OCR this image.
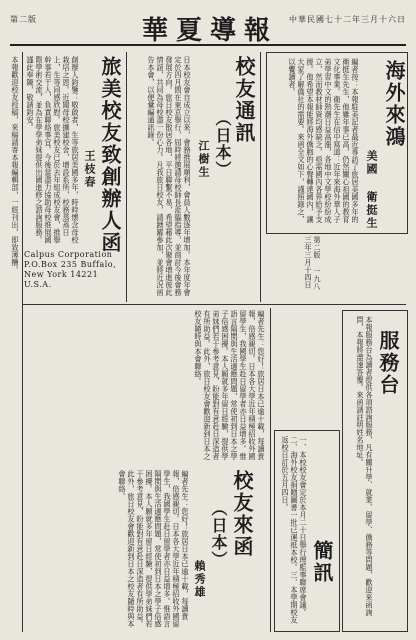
第二版	華夏導報	中華民國七十二年三月十六日
海外來鴻
美國 衛挺生
編者按：本報駐美記者最近專訪了旅居美國多年的衛挺生先生，他雖年事已高，仍然關心祖國的教育文化事業。衛先生在信中寫道：近年來海外華人子弟學習中文的熱潮日益高漲，各地中文學校紛紛成立，然而教材師資均感缺乏，亟需國內各界給予支援。他希望本報能將海外僑胞的心聲轉達國內，讓大家了解僑社的需要。來函全文如下，謹照錄之，以饗讀者。
校友通訊
（日本）
江樹生
日本校友會自成立以來，會務推展順利，會員人數逐年增加。本年度年會定於四月間在東京舉行，屆時將邀請母校師長蒞臨指導，並商討今後會務發展方向。旅日校友散居各地，平日聯繫不易，希望藉此次聚會增進彼此情誼，共同為母校盡一份心力。凡我旅日校友，請踴躍參加，並將近況函告本會，以便彙編通訊錄。
第二版 一九八三年三月十四日
旅美校友致創辦人函
王枝春
創辦人鈞鑒：敬啟者，生等旅居美國多年，時時懷念母校栽培之恩。近聞母校擴建校舍，增設系所，校務蒸蒸日上，生等同感欣慰。旅美校友已於去年組成校友會，推舉幹事若干人，負責聯絡事宜。今後當盡力協助母校推展國際學術交流，並為在學學弟妹提供出國進修之諮詢服務。謹此奉陳，敬請鈞安。
Calpus Corporation P.O.Box 235 Buffalo, New York 14221 U.S.A.
本報歡迎校友投稿，來稿請寄本報編輯部，一經刊出，即致薄酬。
服務台
本報服務台為讀者提供各項諮詢服務，凡有關升學、就業、留學、僑務等問題，歡迎來函詢問，本報將盡速答覆。來函請註明姓名地址。
簡訊
一、本校校友會定於本月二十日舉行理監事聯席會議。二、海外校友捐贈圖書一批已運抵本校。三、本學期校友返校日訂於五月四日。
校友來函
（日本）
賴秀雄
編者先生：您好！旅居日本已逾十載，每讀貴報，倍感親切。日本各大學近年積極招收外國留學生，我國學生赴日留學者亦日益增多。惟語言隔閡與生活適應問題，常使初到日本之學子倍感困擾。本人願就多年留日經驗，提供學弟妹們若干參考意見，盼能對有意赴日深造者有所助益。此外，旅日校友會歡迎新到日本之校友隨時與本會聯絡。
編者先生：您好！旅居日本已逾十載，每讀貴報，倍感親切。日本各大學近年積極招收外國留學生，我國學生赴日留學者亦日益增多。惟語言隔閡與生活適應問題，常使初到日本之學子倍感困擾。本人願就多年留日經驗，提供學弟妹們若干參考意見，盼能對有意赴日深造者有所助益。此外，旅日校友會歡迎新到日本之校友隨時與本會聯絡。
